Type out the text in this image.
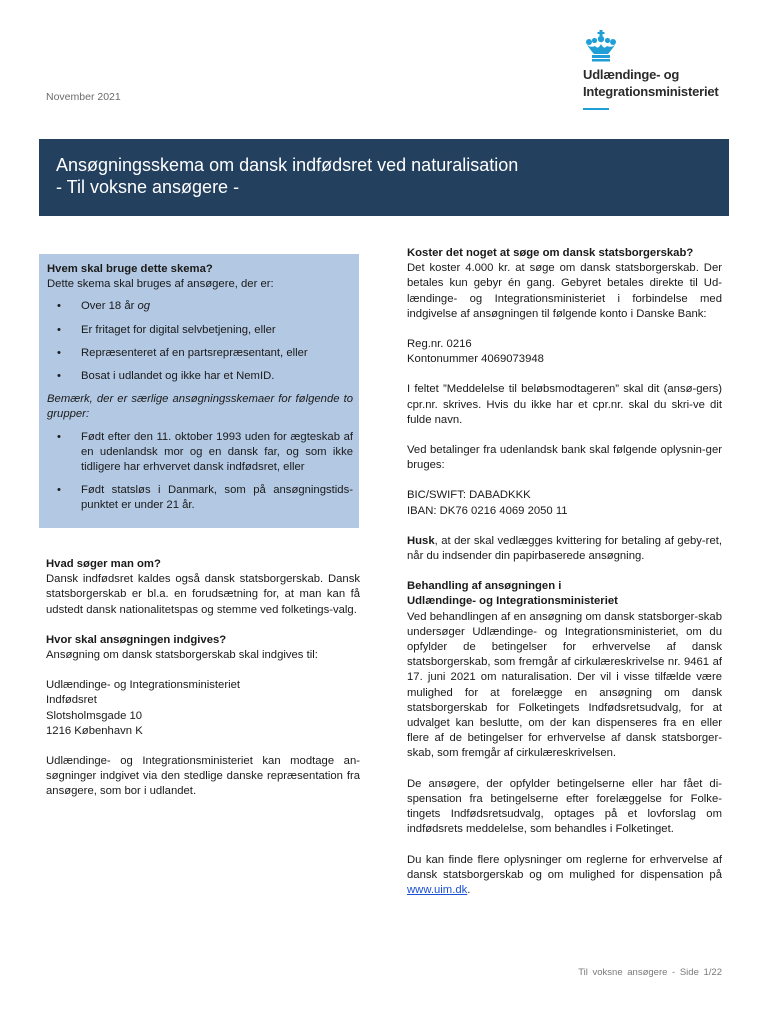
November 2021
Udlændinge- og
Integrationsministeriet
Ansøgningsskema om dansk indfødsret ved naturalisation
- Til voksne ansøgere -
Hvem skal bruge dette skema?

Dette skema skal bruges af ansøgere, der er:

• Over 18 år og
• Er fritaget for digital selvbetjening, eller
• Repræsenteret af en partsrepræsentant, eller
• Bosat i udlandet og ikke har et NemID.

Bemærk, der er særlige ansøgningsskemaer for følgende to grupper:

• Født efter den 11. oktober 1993 uden for ægteskab af en udenlandsk mor og en dansk far, og som ikke tidligere har erhvervet dansk indfødsret, eller
• Født statsløs i Danmark, som på ansøgningstids-punktet er under 21 år.
Hvad søger man om?

Dansk indfødsret kaldes også dansk statsborgerskab. Dansk statsborgerskab er bl.a. en forudsætning for, at man kan få udstedt dansk nationalitetspas og stemme ved folketings-valg.

Hvor skal ansøgningen indgives?

Ansøgning om dansk statsborgerskab skal indgives til:

Udlændinge- og Integrationsministeriet

Indfødsret

Slotsholmsgade 10

1216 København K

Udlændinge- og Integrationsministeriet kan modtage an-søgninger indgivet via den stedlige danske repræsentation fra ansøgere, som bor i udlandet.

Koster det noget at søge om dansk statsborgerskab?

Det koster 4.000 kr. at søge om dansk statsborgerskab. Der betales kun gebyr én gang. Gebyret betales direkte til Ud-lændinge- og Integrationsministeriet i forbindelse med indgivelse af ansøgningen til følgende konto i Danske Bank:

Reg.nr. 0216

Kontonummer 4069073948

I feltet ”Meddelelse til beløbsmodtageren” skal dit (ansø-gers) cpr.nr. skrives. Hvis du ikke har et cpr.nr. skal du skri-ve dit fulde navn.

Ved betalinger fra udenlandsk bank skal følgende oplysnin-ger bruges:

BIC/SWIFT: DABADKKK

IBAN: DK76 0216 4069 2050 11

Husk, at der skal vedlægges kvittering for betaling af geby-ret, når du indsender din papirbaserede ansøgning.

Behandling af ansøgningen i
Udlændinge- og Integrationsministeriet

Ved behandlingen af en ansøgning om dansk statsborger-skab undersøger Udlændinge- og Integrationsministeriet, om du opfylder de betingelser for erhvervelse af dansk statsborgerskab, som fremgår af cirkulæreskrivelse nr. 9461 af 17. juni 2021 om naturalisation. Der vil i visse tilfælde være mulighed for at forelægge en ansøgning om dansk statsborgerskab for Folketingets Indfødsretsudvalg, for at udvalget kan beslutte, om der kan dispenseres fra en eller flere af de betingelser for erhvervelse af dansk statsborger-skab, som fremgår af cirkulæreskrivelsen.

De ansøgere, der opfylder betingelserne eller har fået di-spensation fra betingelserne efter forelæggelse for Folke-tingets Indfødsretsudvalg, optages på et lovforslag om indfødsrets meddelelse, som behandles i Folketinget.

Du kan finde flere oplysninger om reglerne for erhvervelse af dansk statsborgerskab og om mulighed for dispensation på www.uim.dk.

Til voksne ansøgere - Side 1/22
